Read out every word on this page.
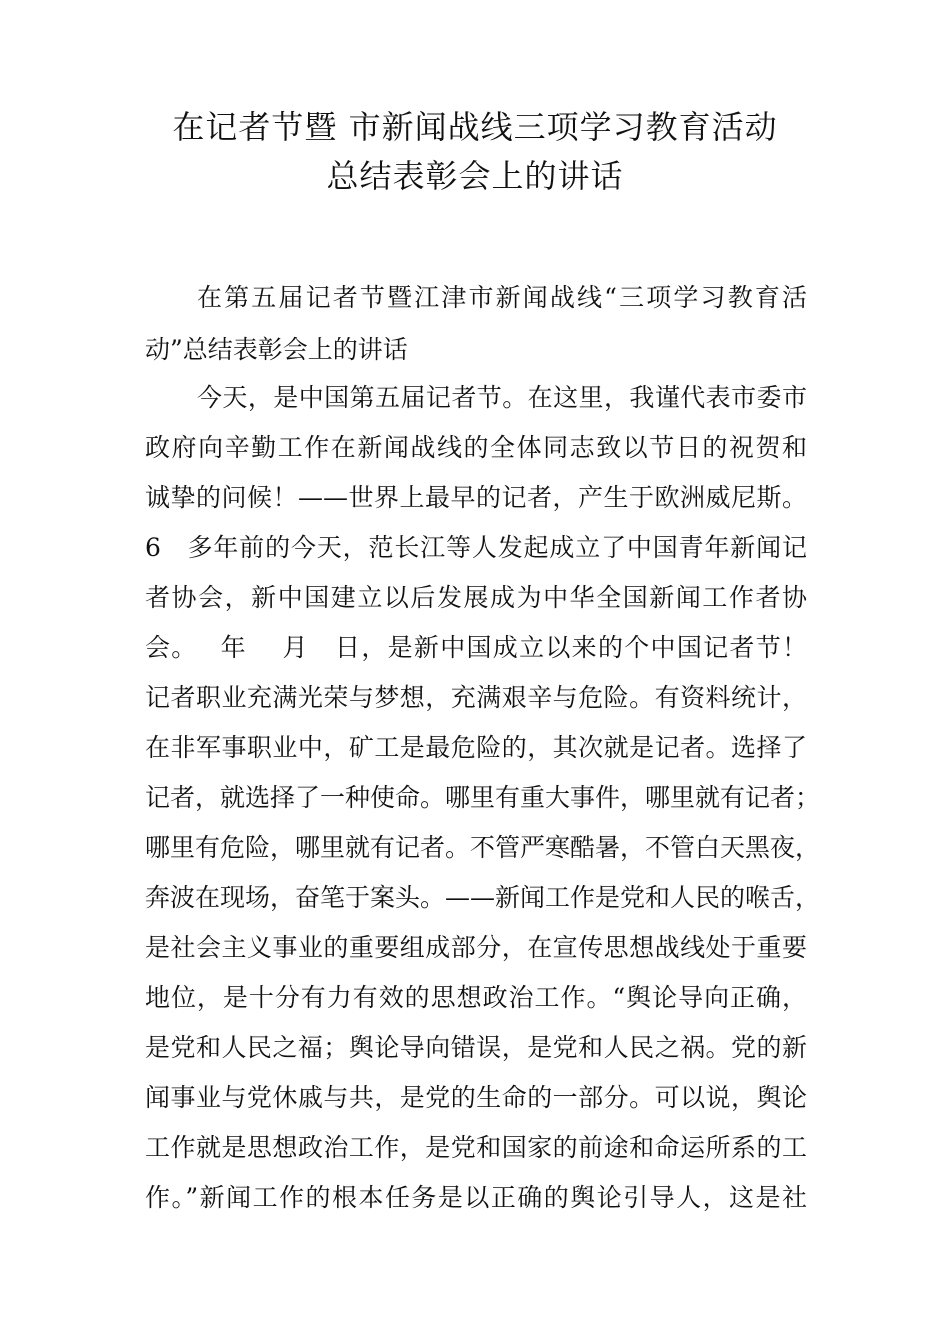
在记者节暨 市新闻战线三项学习教育活动
总结表彰会上的讲话

在第五届记者节暨江津市新闻战线“三项学习教育活

动”总结表彰会上的讲话

今天，是中国第五届记者节。在这里，我谨代表市委市

政府向辛勤工作在新闻战线的全体同志致以节日的祝贺和

诚挚的问候！——世界上最早的记者，产生于欧洲威尼斯。

6　多年前的今天，范长江等人发起成立了中国青年新闻记

者协会，新中国建立以后发展成为中华全国新闻工作者协

会。　 年　 月　日，是新中国成立以来的个中国记者节！

记者职业充满光荣与梦想，充满艰辛与危险。有资料统计，

在非军事职业中，矿工是最危险的，其次就是记者。选择了

记者，就选择了一种使命。哪里有重大事件，哪里就有记者；

哪里有危险，哪里就有记者。不管严寒酷暑，不管白天黑夜，

奔波在现场，奋笔于案头。——新闻工作是党和人民的喉舌，

是社会主义事业的重要组成部分，在宣传思想战线处于重要

地位，是十分有力有效的思想政治工作。“舆论导向正确，

是党和人民之福；舆论导向错误，是党和人民之祸。党的新

闻事业与党休戚与共，是党的生命的一部分。可以说，舆论

工作就是思想政治工作，是党和国家的前途和命运所系的工

作。”新闻工作的根本任务是以正确的舆论引导人，这是社
